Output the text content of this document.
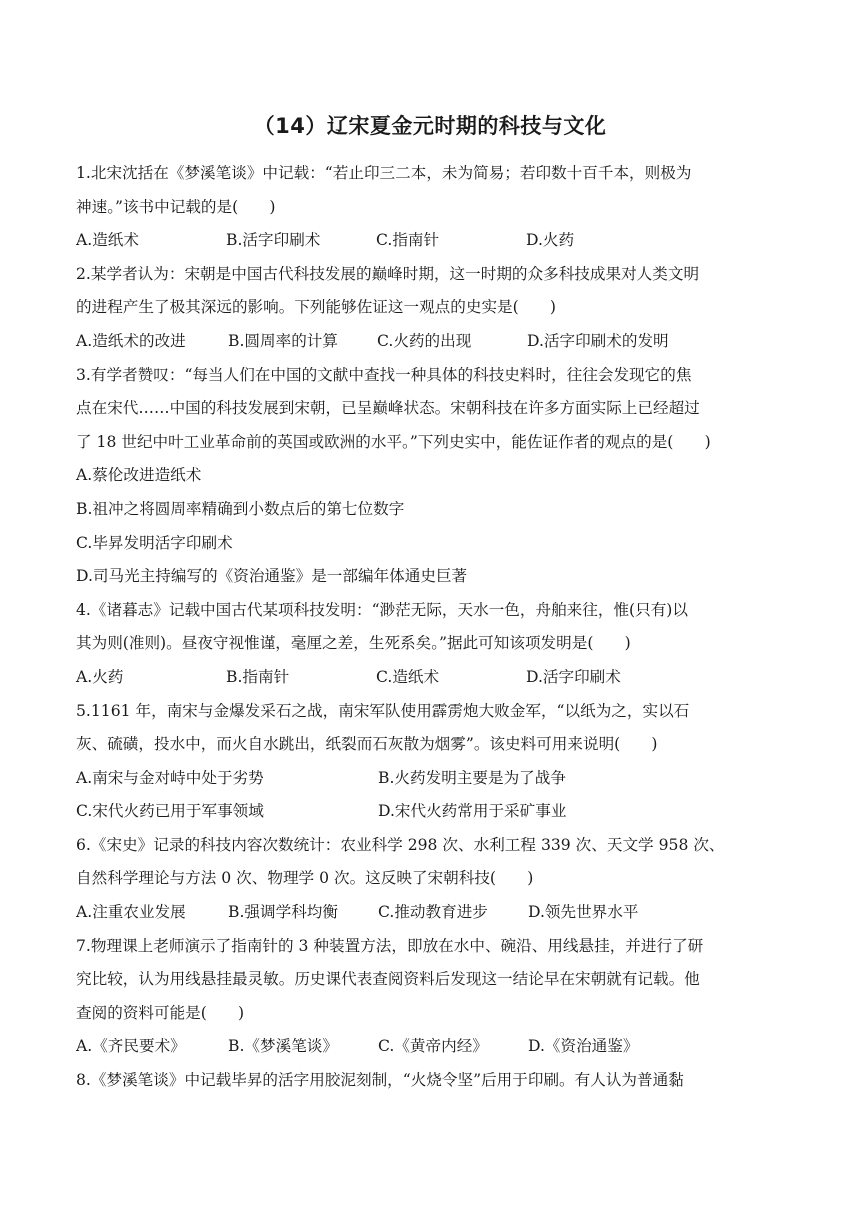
（14）辽宋夏金元时期的科技与文化
1.北宋沈括在《梦溪笔谈》中记载：“若止印三二本，未为简易；若印数十百千本，则极为
神速。”该书中记载的是(　　)
A.造纸术	B.活字印刷术	C.指南针	D.火药
2.某学者认为：宋朝是中国古代科技发展的巅峰时期，这一时期的众多科技成果对人类文明
的进程产生了极其深远的影响。下列能够佐证这一观点的史实是(　　)
A.造纸术的改进	B.圆周率的计算	C.火药的出现	D.活字印刷术的发明
3.有学者赞叹：“每当人们在中国的文献中查找一种具体的科技史料时，往往会发现它的焦
点在宋代……中国的科技发展到宋朝，已呈巅峰状态。宋朝科技在许多方面实际上已经超过
了 18 世纪中叶工业革命前的英国或欧洲的水平。”下列史实中，能佐证作者的观点的是(　　)
A.蔡伦改进造纸术
B.祖冲之将圆周率精确到小数点后的第七位数字
C.毕昇发明活字印刷术
D.司马光主持编写的《资治通鉴》是一部编年体通史巨著
4.《诸暮志》记载中国古代某项科技发明：“渺茫无际，天水一色，舟舶来往，惟(只有)以
其为则(准则)。昼夜守视惟谨，毫厘之差，生死系矣。”据此可知该项发明是(　　)
A.火药	B.指南针	C.造纸术	D.活字印刷术
5.1161 年，南宋与金爆发采石之战，南宋军队使用霹雳炮大败金军，“以纸为之，实以石
灰、硫磺，投水中，而火自水跳出，纸裂而石灰散为烟雾”。该史料可用来说明(　　)
A.南宋与金对峙中处于劣势	B.火药发明主要是为了战争
C.宋代火药已用于军事领域	D.宋代火药常用于采矿事业
6.《宋史》记录的科技内容次数统计：农业科学 298 次、水利工程 339 次、天文学 958 次、
自然科学理论与方法 0 次、物理学 0 次。这反映了宋朝科技(　　)
A.注重农业发展	B.强调学科均衡	C.推动教育进步	D.领先世界水平
7.物理课上老师演示了指南针的 3 种装置方法，即放在水中、碗沿、用线悬挂，并进行了研
究比较，认为用线悬挂最灵敏。历史课代表查阅资料后发现这一结论早在宋朝就有记载。他
查阅的资料可能是(　　)
A.《齐民要术》	B.《梦溪笔谈》	C.《黄帝内经》	D.《资治通鉴》
8.《梦溪笔谈》中记载毕昇的活字用胶泥刻制，“火烧令坚”后用于印刷。有人认为普通黏
